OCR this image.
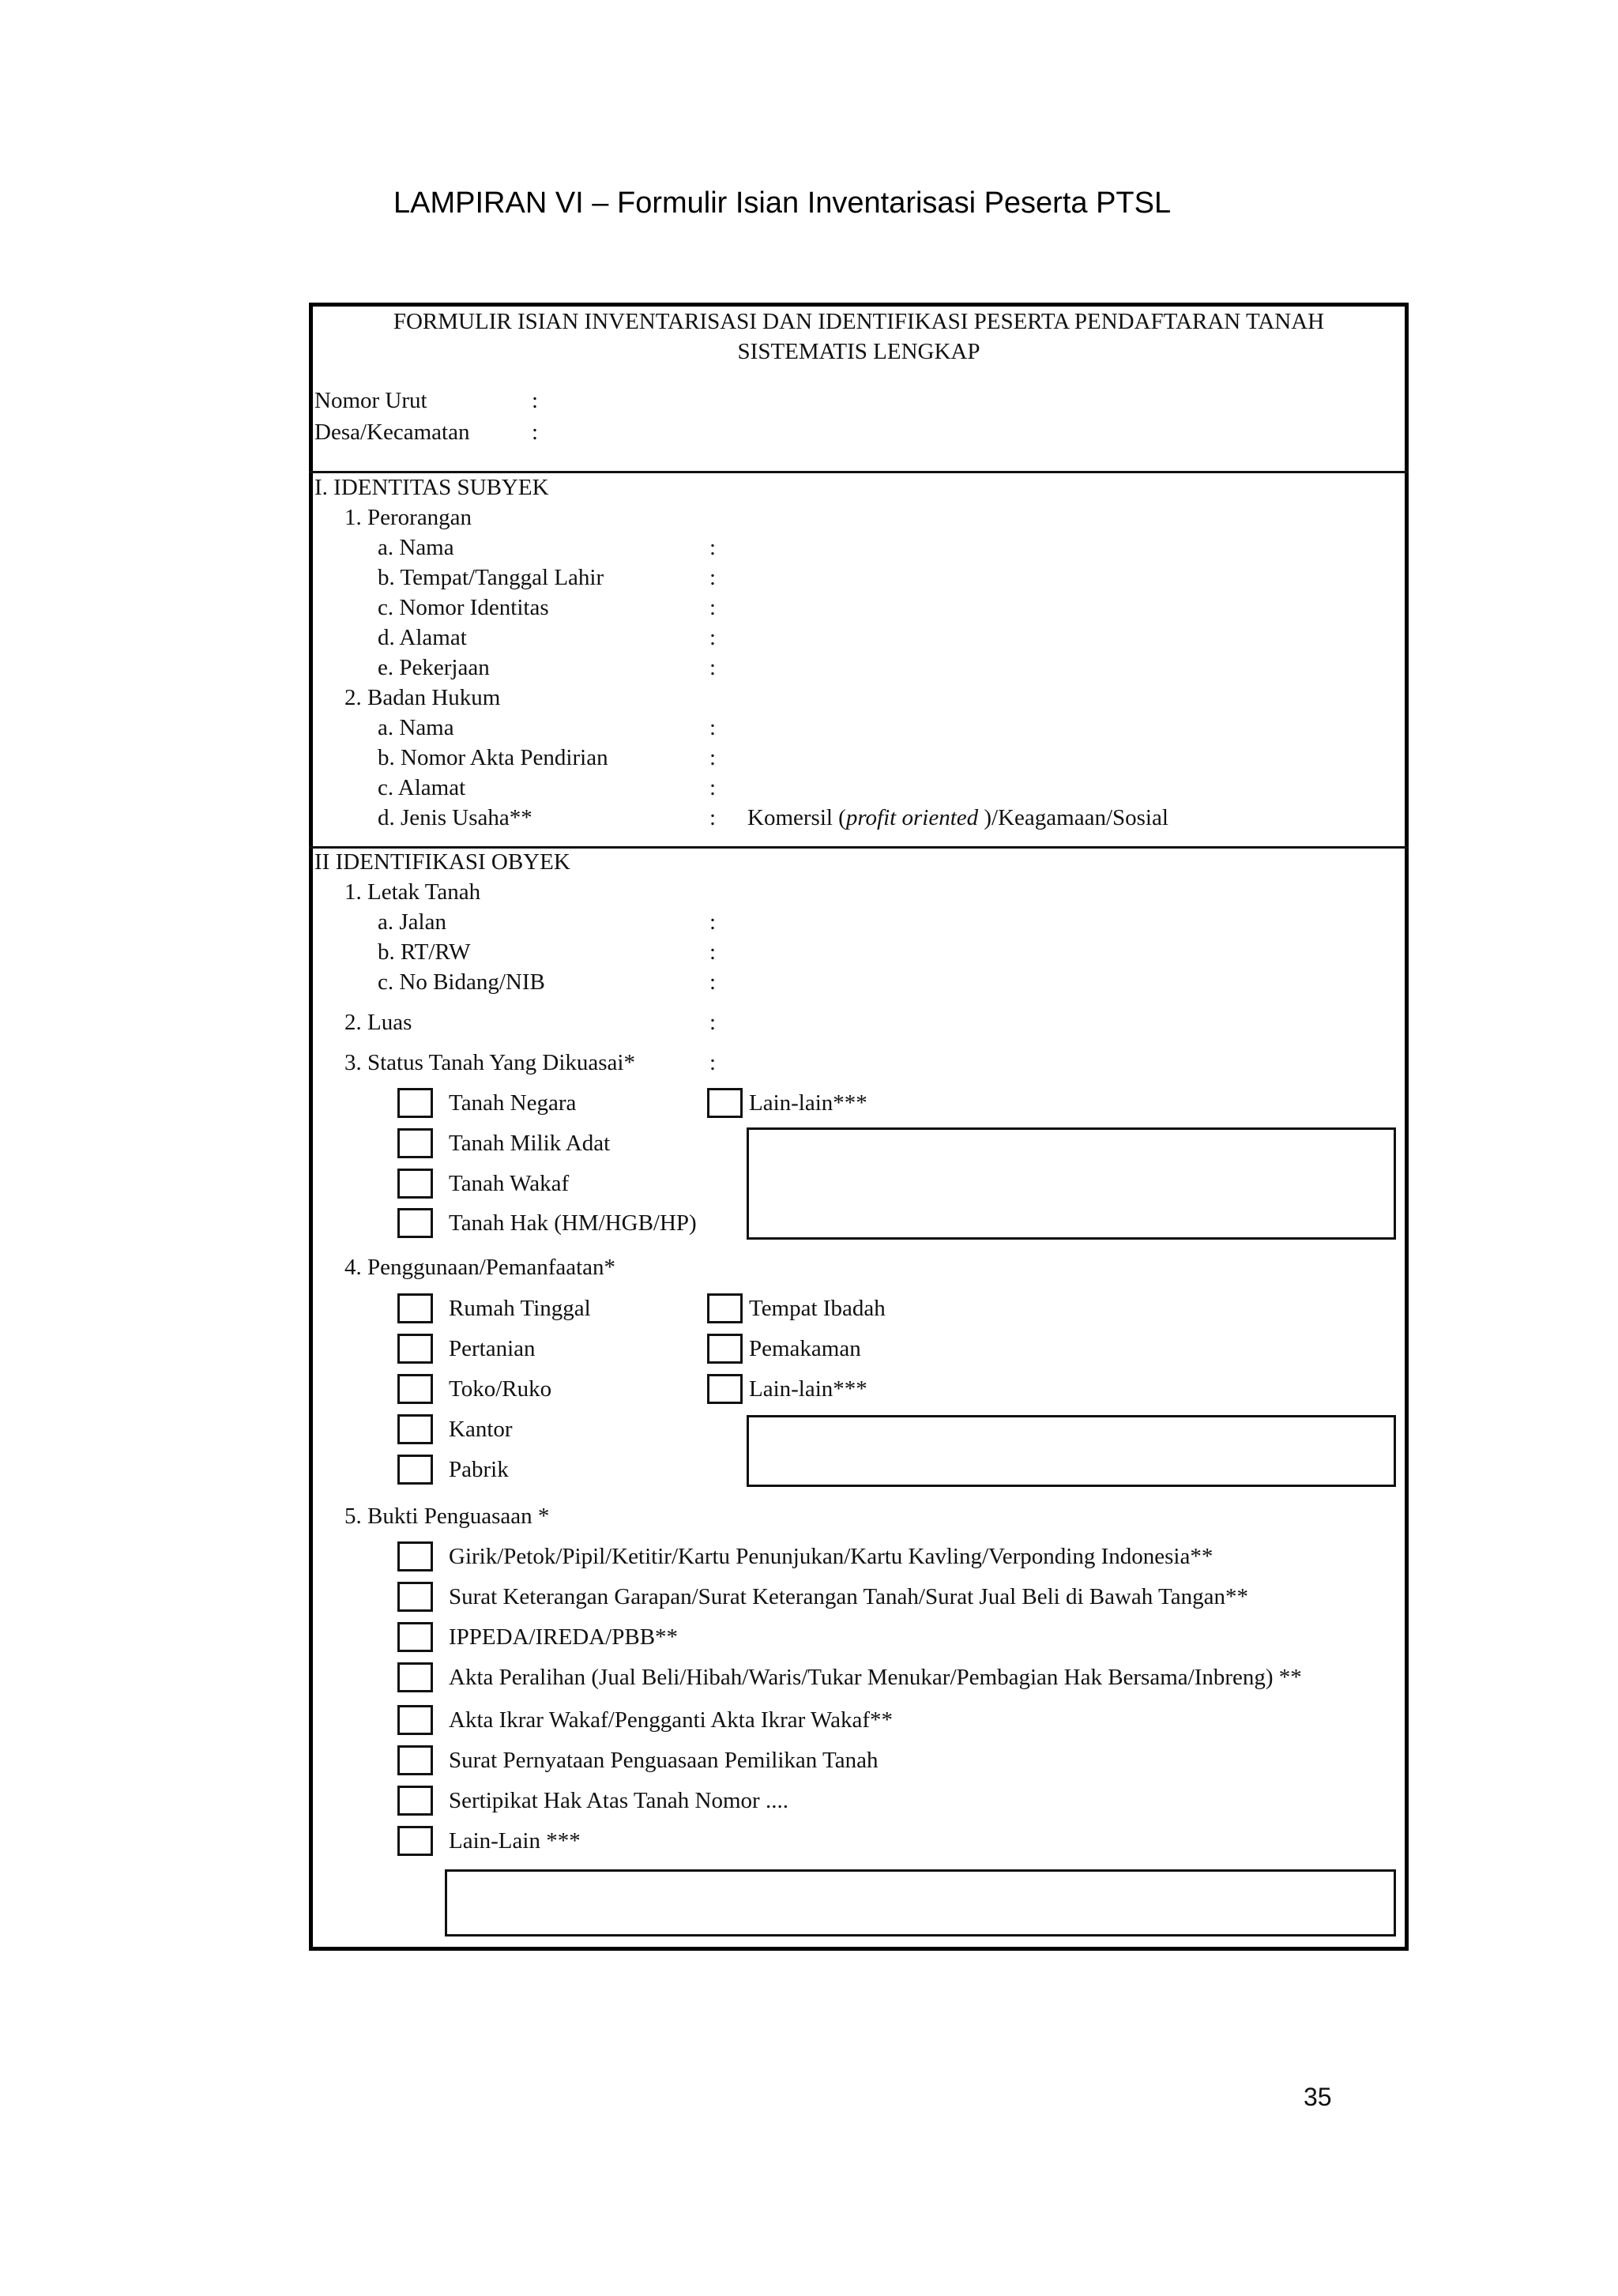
LAMPIRAN VI – Formulir Isian Inventarisasi Peserta PTSL
FORMULIR ISIAN INVENTARISASI DAN IDENTIFIKASI PESERTA PENDAFTARAN TANAH
SISTEMATIS LENGKAP
Nomor Urut	:
Desa/Kecamatan	:
I. IDENTITAS SUBYEK
1. Perorangan
a. Nama	:
b. Tempat/Tanggal Lahir	:
c. Nomor Identitas	:
d. Alamat	:
e. Pekerjaan	:
2. Badan Hukum
a. Nama	:
b. Nomor Akta Pendirian	:
c. Alamat	:
d. Jenis Usaha**	: Komersil (profit oriented )/Keagamaan/Sosial
II IDENTIFIKASI OBYEK
1. Letak Tanah
a. Jalan	:
b. RT/RW	:
c. No Bidang/NIB	:
2. Luas	:
3. Status Tanah Yang Dikuasai*	:
Tanah Negara
Tanah Milik Adat
Tanah Wakaf
Tanah Hak (HM/HGB/HP)
Lain-lain***
4. Penggunaan/Pemanfaatan*
Rumah Tinggal
Pertanian
Toko/Ruko
Kantor
Pabrik
Tempat Ibadah
Pemakaman
Lain-lain***
5. Bukti Penguasaan *
Girik/Petok/Pipil/Ketitir/Kartu Penunjukan/Kartu Kavling/Verponding Indonesia**
Surat Keterangan Garapan/Surat Keterangan Tanah/Surat Jual Beli di Bawah Tangan**
IPPEDA/IREDA/PBB**
Akta Peralihan (Jual Beli/Hibah/Waris/Tukar Menukar/Pembagian Hak Bersama/Inbreng) **
Akta Ikrar Wakaf/Pengganti Akta Ikrar Wakaf**
Surat Pernyataan Penguasaan Pemilikan Tanah
Sertipikat Hak Atas Tanah Nomor ....
Lain-Lain ***
35
